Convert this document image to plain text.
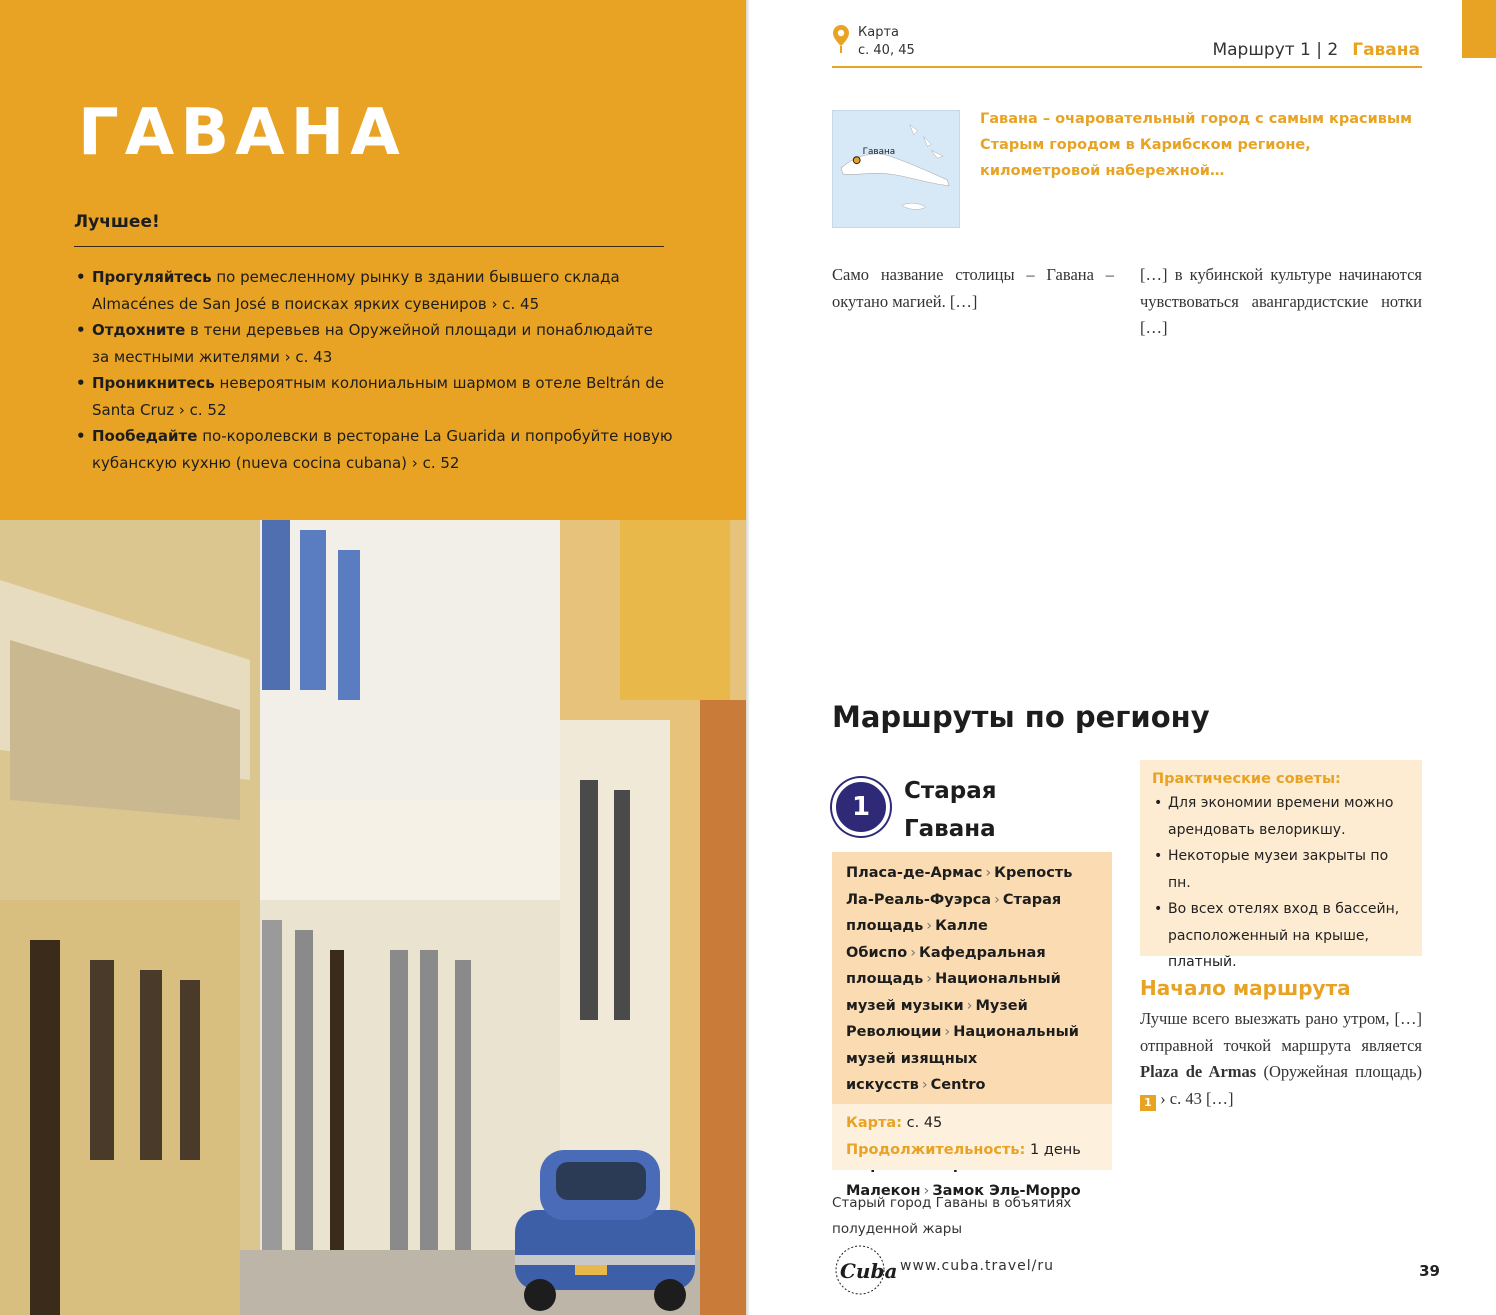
ГАВАНА
Лучшее!
• Прогуляйтесь по ремесленному рынку в здании бывшего склада Almacénes de San José в поисках ярких сувениров › с. 45
• Отдохните в тени деревьев на Оружейной площади и понаблюдайте за местными жителями › с. 43
• Проникнитесь невероятным колониальным шармом в отеле Beltrán de Santa Cruz › с. 52
• Пообедайте по-королевски в ресторане La Guarida и попробуйте новую кубанскую кухню (nueva cocina cubana) › с. 52
Карта
с. 40, 45	Маршрут 1 | 2 Гавана
Гавана
Гавана – очаровательный город с самым красивым Старым городом в Карибском регионе, километровой набережной…
Само название столицы – Гавана – окутано магией. […]
[…] в кубинской культуре начинаются чувствоваться авангардистские нотки […]
Маршруты по региону
1
Старая
Гавана
Пласа-де-Армас › Крепость Ла-Реаль-Фуэрса › Старая площадь › Калле Обиспо › Кафедральная площадь › Национальный музей музыки › Музей Революции › Национальный музей изящных искусств › Centro Малекон › Замок Эль-Морро
Карта: с. 45
Продолжительность: 1 день
Старый город Гаваны в объятиях полуденной жары
Практические советы:
• Для экономии времени можно арендовать велорикшу.
• Некоторые музеи закрыты по пн.
• Во всех отелях вход в бассейн, расположенный на крыше, платный.
Начало маршрута
Лучше всего выезжать рано утром, […] отправной точкой маршрута является Plaza de Armas (Оружейная площадь) 1 › с. 43 […]
Cuba www.cuba.travel/ru	39
